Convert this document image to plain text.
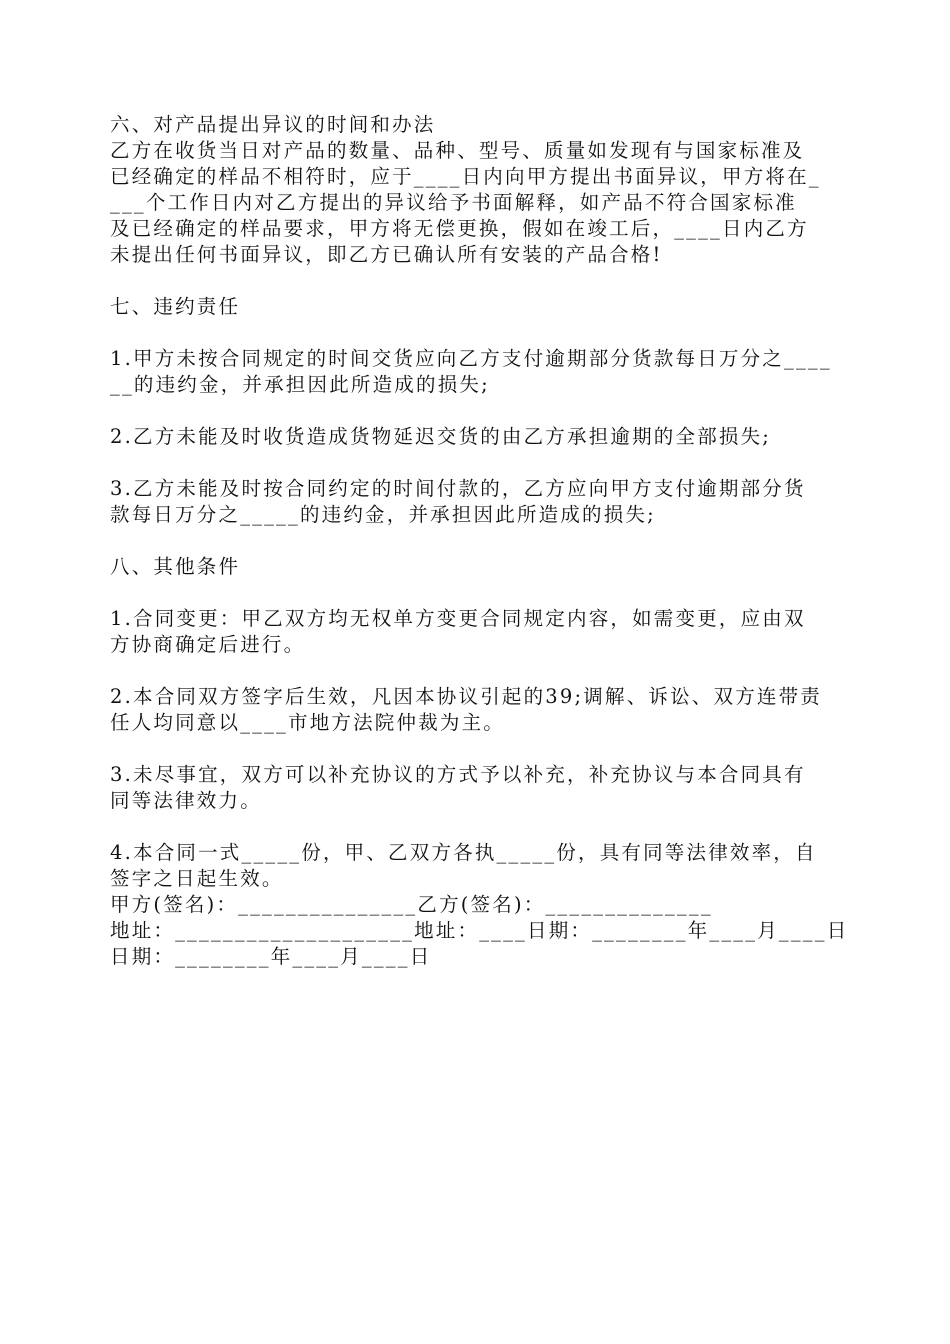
六、对产品提出异议的时间和办法
乙方在收货当日对产品的数量、品种、型号、质量如发现有与国家标准及
已经确定的样品不相符时，应于____日内向甲方提出书面异议，甲方将在_
___个工作日内对乙方提出的异议给予书面解释，如产品不符合国家标准
及已经确定的样品要求，甲方将无偿更换，假如在竣工后，____日内乙方
未提出任何书面异议，即乙方已确认所有安装的产品合格!
七、违约责任
1.甲方未按合同规定的时间交货应向乙方支付逾期部分货款每日万分之____
__的违约金，并承担因此所造成的损失;
2.乙方未能及时收货造成货物延迟交货的由乙方承担逾期的全部损失;
3.乙方未能及时按合同约定的时间付款的，乙方应向甲方支付逾期部分货
款每日万分之_____的违约金，并承担因此所造成的损失;
八、其他条件
1.合同变更：甲乙双方均无权单方变更合同规定内容，如需变更，应由双
方协商确定后进行。
2.本合同双方签字后生效，凡因本协议引起的39;调解、诉讼、双方连带责
任人均同意以____市地方法院仲裁为主。
3.未尽事宜，双方可以补充协议的方式予以补充，补充协议与本合同具有
同等法律效力。
4.本合同一式_____份，甲、乙双方各执_____份，具有同等法律效率，自
签字之日起生效。
甲方(签名)：_______________乙方(签名)：______________
地址：____________________地址：____日期：________年____月____日
日期：________年____月____日
